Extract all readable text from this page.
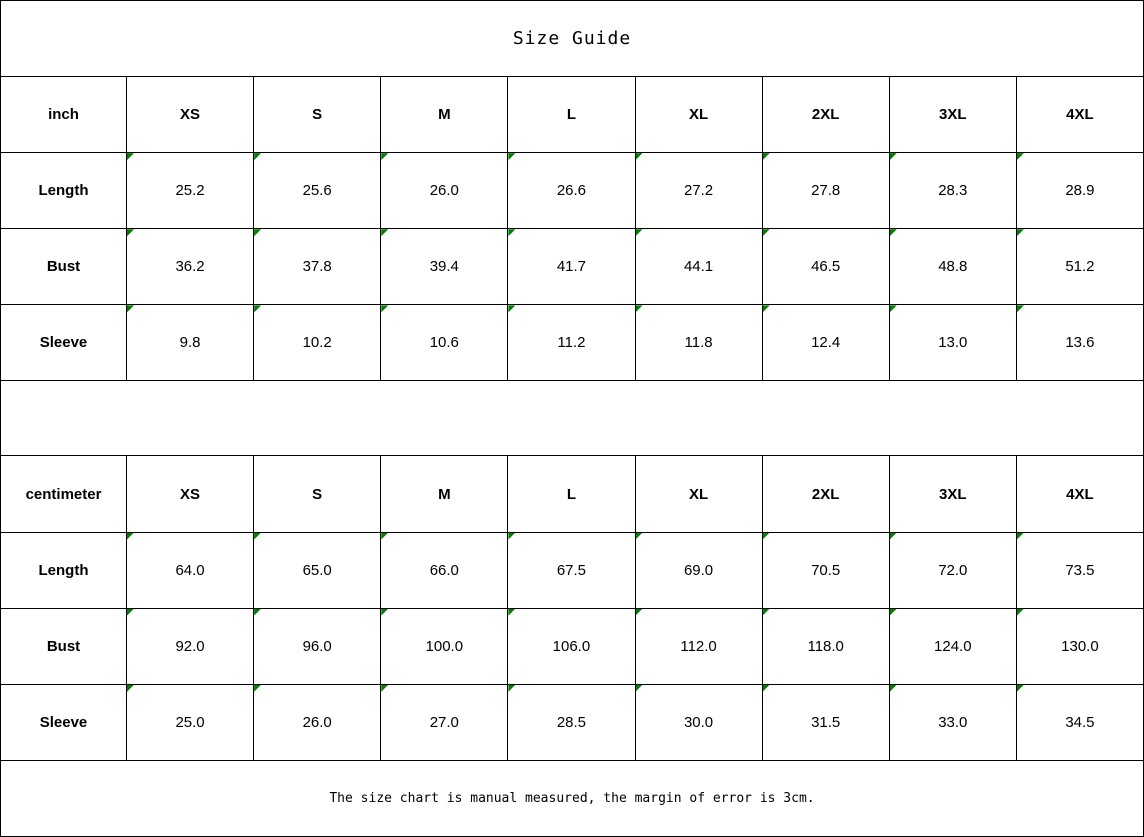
Size Guide								
inch	XS	S	M	L	XL	2XL	3XL	4XL
Length	25.2	25.6	26.0	26.6	27.2	27.8	28.3	28.9
Bust	36.2	37.8	39.4	41.7	44.1	46.5	48.8	51.2
Sleeve	9.8	10.2	10.6	11.2	11.8	12.4	13.0	13.6

centimeter	XS	S	M	L	XL	2XL	3XL	4XL
Length	64.0	65.0	66.0	67.5	69.0	70.5	72.0	73.5
Bust	92.0	96.0	100.0	106.0	112.0	118.0	124.0	130.0
Sleeve	25.0	26.0	27.0	28.5	30.0	31.5	33.0	34.5
The size chart is manual measured, the margin of error is 3cm.								
